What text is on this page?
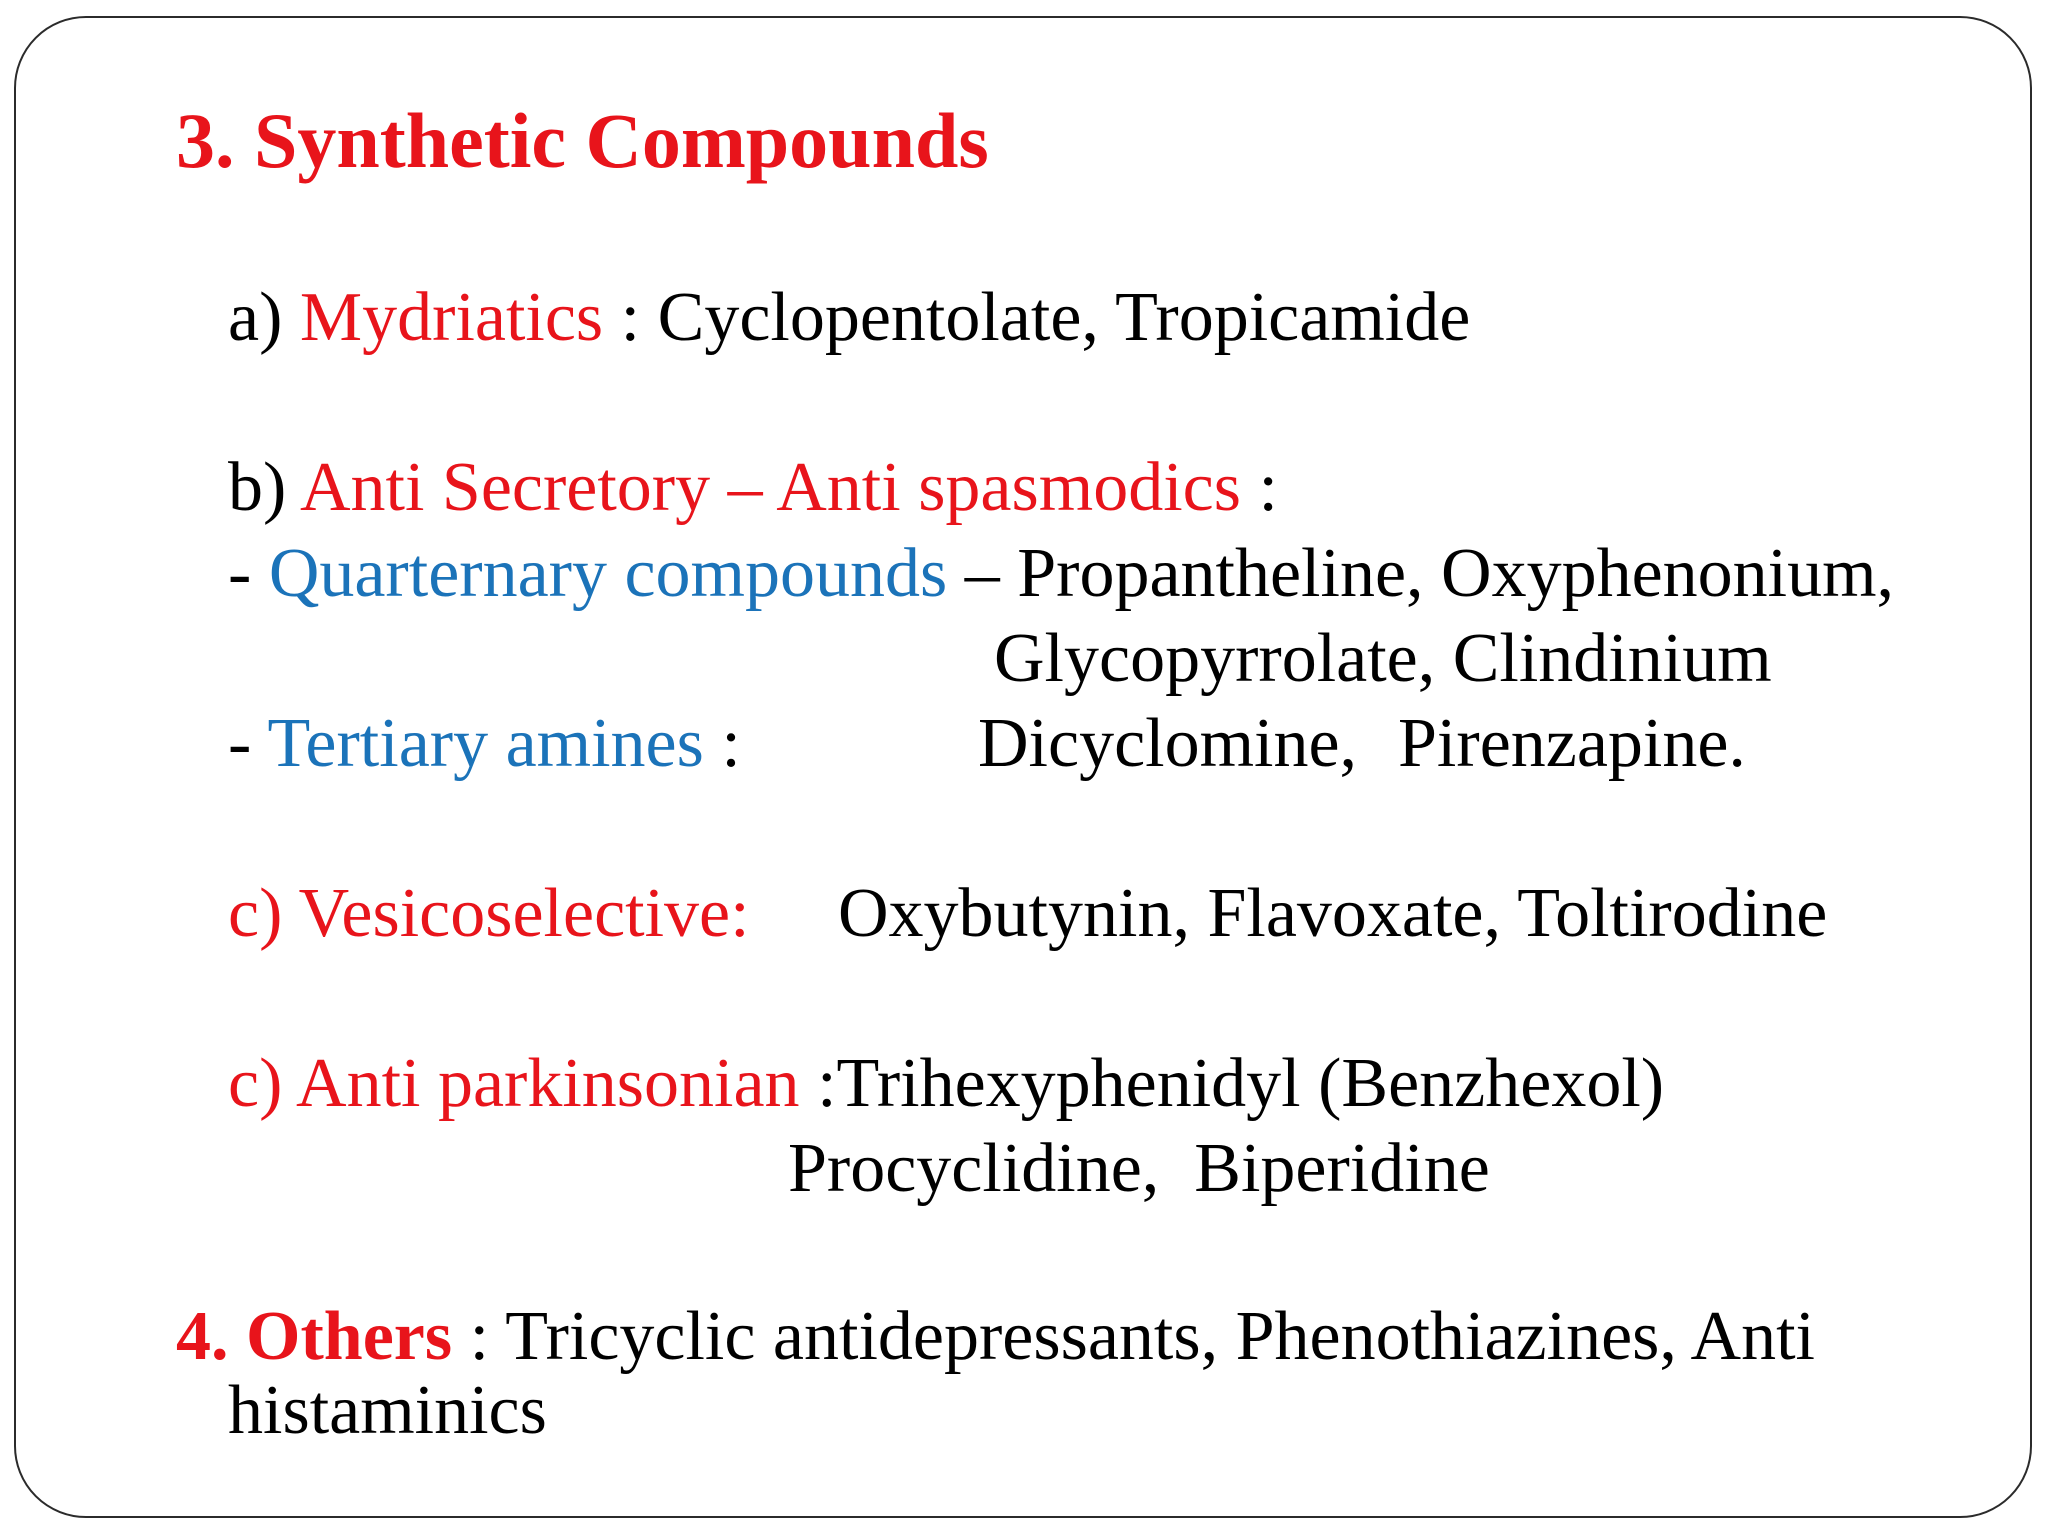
3. Synthetic Compounds
a) Mydriatics : Cyclopentolate, Tropicamide
b) Anti Secretory – Anti spasmodics :
- Quarternary compounds – Propantheline, Oxyphenonium,
Glycopyrrolate, Clindinium
- Tertiary amines :	Dicyclomine, Pirenzapine.
c) Vesicoselective: Oxybutynin, Flavoxate, Toltirodine
c) Anti parkinsonian :Trihexyphenidyl (Benzhexol)
Procyclidine,  Biperidine
4. Others : Tricyclic antidepressants, Phenothiazines, Anti
histaminics
